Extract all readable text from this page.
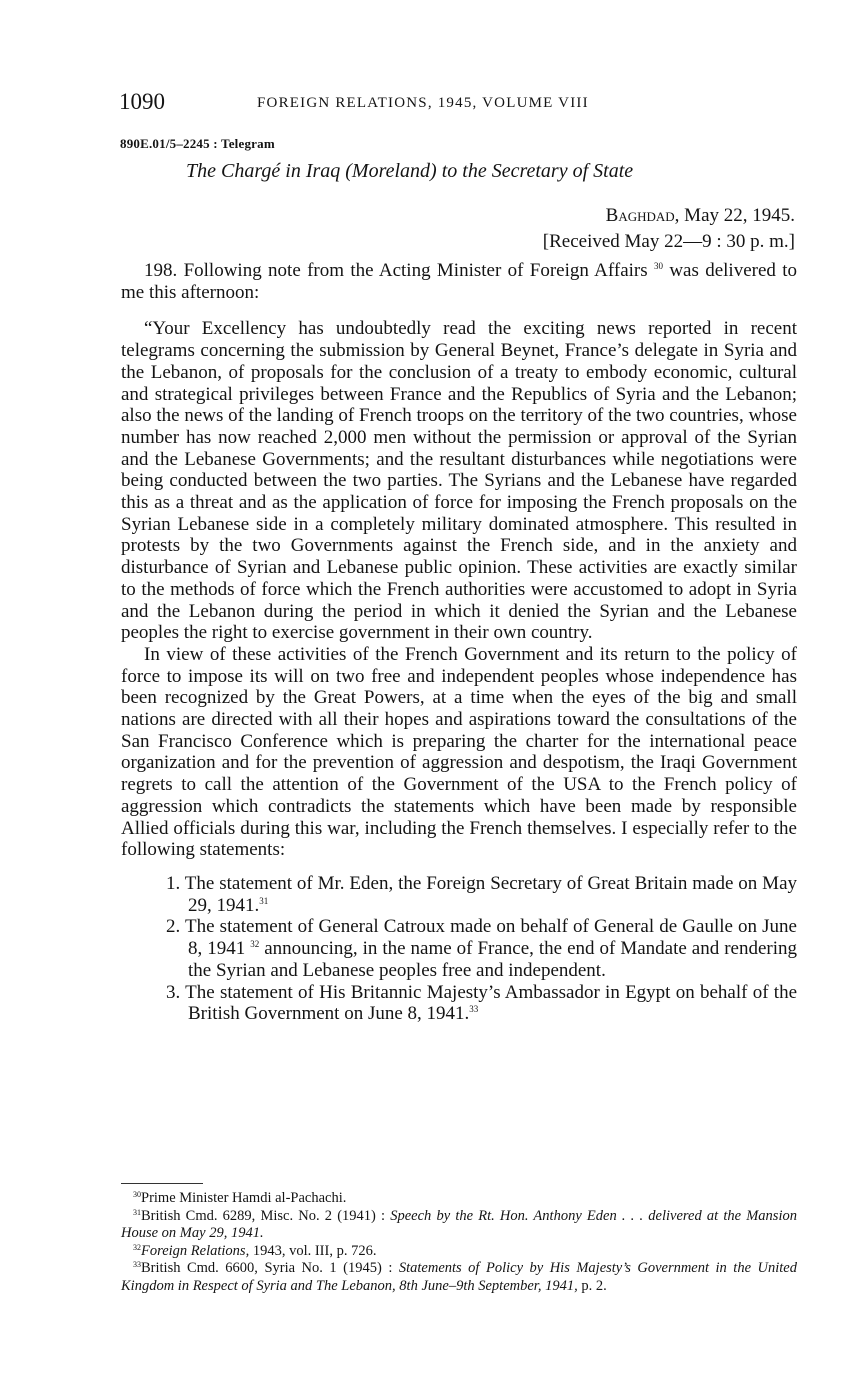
1090	FOREIGN RELATIONS, 1945, VOLUME VIII
890E.01/5–2245 : Telegram
The Chargé in Iraq (Moreland) to the Secretary of State
Baghdad, May 22, 1945.
[Received May 22—9 : 30 p. m.]

198. Following note from the Acting Minister of Foreign Affairs $^{30}$ was delivered to me this afternoon:

“Your Excellency has undoubtedly read the exciting news reported in recent telegrams concerning the submission by General Beynet, France’s delegate in Syria and the Lebanon, of proposals for the conclusion of a treaty to embody economic, cultural and strategical privileges between France and the Republics of Syria and the Lebanon; also the news of the landing of French troops on the territory of the two countries, whose number has now reached 2,000 men without the permission or approval of the Syrian and the Lebanese Governments; and the resultant disturbances while negotiations were being conducted between the two parties. The Syrians and the Lebanese have regarded this as a threat and as the application of force for imposing the French proposals on the Syrian Lebanese side in a completely military dominated atmosphere. This resulted in protests by the two Governments against the French side, and in the anxiety and disturbance of Syrian and Lebanese public opinion. These activities are exactly similar to the methods of force which the French authorities were accustomed to adopt in Syria and the Lebanon during the period in which it denied the Syrian and the Lebanese peoples the right to exercise government in their own country.

In view of these activities of the French Government and its return to the policy of force to impose its will on two free and independent peoples whose independence has been recognized by the Great Powers, at a time when the eyes of the big and small nations are directed with all their hopes and aspirations toward the consultations of the San Francisco Conference which is preparing the charter for the international peace organization and for the prevention of aggression and despotism, the Iraqi Government regrets to call the attention of the Government of the USA to the French policy of aggression which contradicts the statements which have been made by responsible Allied officials during this war, including the French themselves. I especially refer to the following statements:

1. The statement of Mr. Eden, the Foreign Secretary of Great Britain made on May 29, 1941.31

2. The statement of General Catroux made on behalf of General de Gaulle on June 8, 1941 $^{32}$ announcing, in the name of France, the end of Mandate and rendering the Syrian and Lebanese peoples free and independent.

3. The statement of His Britannic Majesty’s Ambassador in Egypt on behalf of the British Government on June 8, 1941.33

$^{30}$Prime Minister Hamdi al-Pachachi.

$^{31}$British Cmd. 6289, Misc. No. 2 (1941) : Speech by the Rt. Hon. Anthony Eden . . . delivered at the Mansion House on May 29, 1941.

$^{32}$Foreign Relations, 1943, vol. III, p. 726.

$^{33}$British Cmd. 6600, Syria No. 1 (1945) : Statements of Policy by His Majesty’s Government in the United Kingdom in Respect of Syria and The Lebanon, 8th June–9th September, 1941, p. 2.
